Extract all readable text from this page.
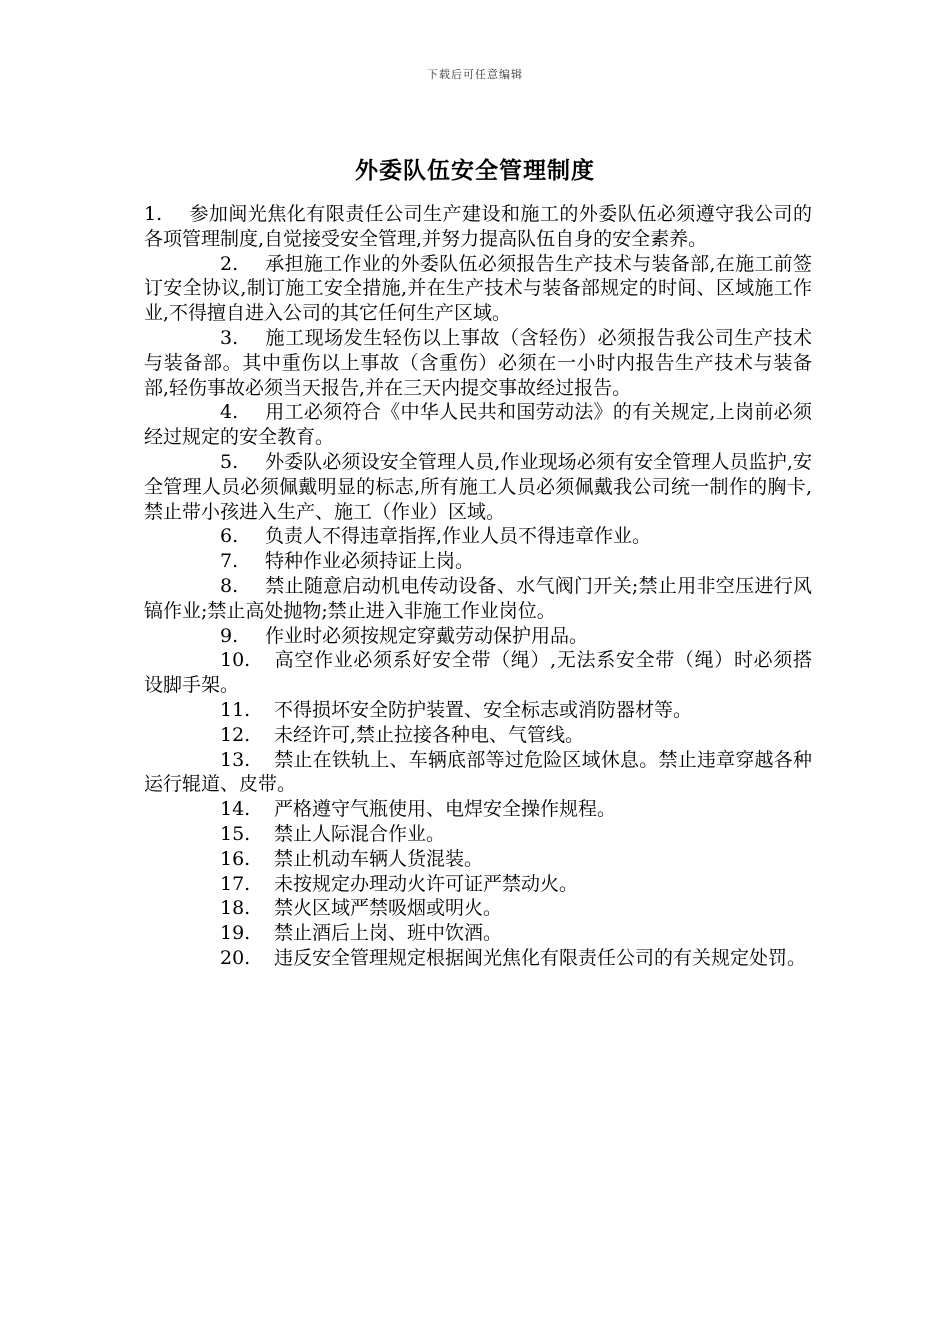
下载后可任意编辑
外委队伍安全管理制度
1. 参加闽光焦化有限责任公司生产建设和施工的外委队伍必须遵守我公司的各项管理制度,自觉接受安全管理,并努力提高队伍自身的安全素养。
2. 承担施工作业的外委队伍必须报告生产技术与装备部,在施工前签订安全协议,制订施工安全措施,并在生产技术与装备部规定的时间、区域施工作业,不得擅自进入公司的其它任何生产区域。
3. 施工现场发生轻伤以上事故（含轻伤）必须报告我公司生产技术与装备部。其中重伤以上事故（含重伤）必须在一小时内报告生产技术与装备部,轻伤事故必须当天报告,并在三天内提交事故经过报告。
4. 用工必须符合《中华人民共和国劳动法》的有关规定,上岗前必须经过规定的安全教育。
5. 外委队必须设安全管理人员,作业现场必须有安全管理人员监护,安全管理人员必须佩戴明显的标志,所有施工人员必须佩戴我公司统一制作的胸卡,禁止带小孩进入生产、施工（作业）区域。
6. 负责人不得违章指挥,作业人员不得违章作业。
7. 特种作业必须持证上岗。
8. 禁止随意启动机电传动设备、水气阀门开关;禁止用非空压进行风镐作业;禁止高处抛物;禁止进入非施工作业岗位。
9. 作业时必须按规定穿戴劳动保护用品。
10. 高空作业必须系好安全带（绳）,无法系安全带（绳）时必须搭设脚手架。
11. 不得损坏安全防护装置、安全标志或消防器材等。
12. 未经许可,禁止拉接各种电、气管线。
13. 禁止在铁轨上、车辆底部等过危险区域休息。禁止违章穿越各种运行辊道、皮带。
14. 严格遵守气瓶使用、电焊安全操作规程。
15. 禁止人际混合作业。
16. 禁止机动车辆人货混装。
17. 未按规定办理动火许可证严禁动火。
18. 禁火区域严禁吸烟或明火。
19. 禁止酒后上岗、班中饮酒。
20. 违反安全管理规定根据闽光焦化有限责任公司的有关规定处罚。
